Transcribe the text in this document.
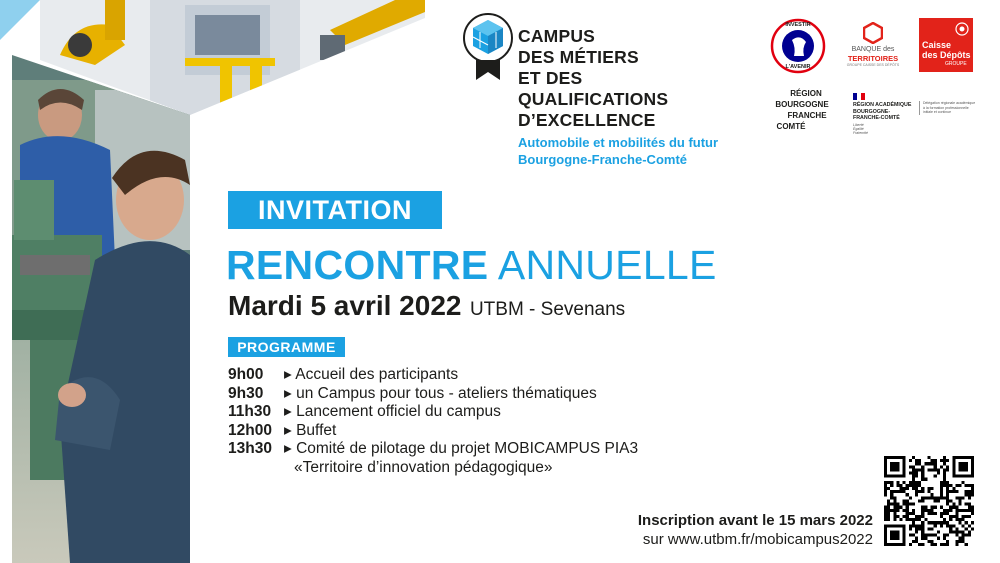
CAMPUS
DES MÉTIERS
ET DES
QUALIFICATIONS
D’EXCELLENCE
Automobile et mobilités du futur
Bourgogne-Franche-Comté
INVESTIR
L’AVENIR
BANQUE des
TERRITOIRES
GROUPE CAISSE DES DÉPÔTS
Caisse
des Dépôts
GROUPE
RÉGION
BOURGOGNE
FRANCHE
COMTÉ
RÉGION ACADÉMIQUE
BOURGOGNE-
FRANCHE-COMTÉ
Liberté
Égalité
Fraternité
Délégation régionale académique
à la formation professionnelle
initiale et continue
INVITATION
RENCONTRE ANNUELLE
Mardi 5 avril 2022 UTBM - Sevenans
PROGRAMME
9h00	▸ Accueil des participants
9h30	▸ un Campus pour tous - ateliers thématiques
11h30 ▸ Lancement officiel du campus
12h00 ▸ Buffet
13h30 ▸ Comité de pilotage du projet MOBICAMPUS PIA3
«Territoire d’innovation pédagogique»
Inscription avant le 15 mars 2022
sur www.utbm.fr/mobicampus2022
